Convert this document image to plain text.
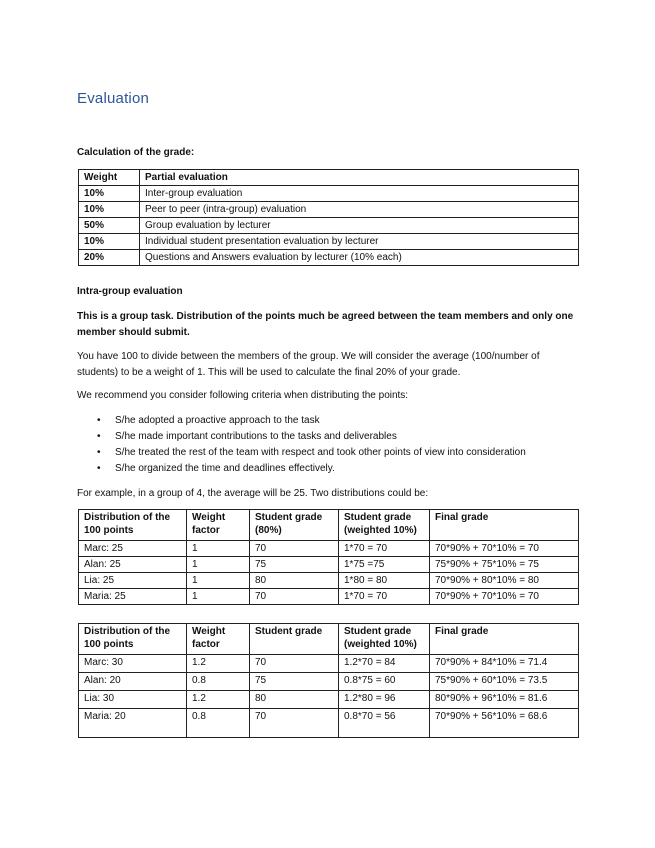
Evaluation
Calculation of the grade:
Weight	Partial evaluation
10%	Inter-group evaluation
10%	Peer to peer (intra-group) evaluation
50%	Group evaluation by lecturer
10%	Individual student presentation evaluation by lecturer
20%	Questions and Answers evaluation by lecturer (10% each)
Intra-group evaluation
This is a group task. Distribution of the points much be agreed between the team members and only one member should submit.
You have 100 to divide between the members of the group. We will consider the average (100/number of students) to be a weight of 1. This will be used to calculate the final 20% of your grade.
We recommend you consider following criteria when distributing the points:
• S/he adopted a proactive approach to the task
• S/he made important contributions to the tasks and deliverables
• S/he treated the rest of the team with respect and took other points of view into consideration
• S/he organized the time and deadlines effectively.
For example, in a group of 4, the average will be 25. Two distributions could be:
Distribution of the 100 points	Weight factor	Student grade (80%)	Student grade (weighted 10%)	Final grade
Marc: 25	1	70	1*70 = 70	70*90% + 70*10% = 70
Alan: 25	1	75	1*75 =75	75*90% + 75*10% = 75
Lia: 25	1	80	1*80 = 80	70*90% + 80*10% = 80
Maria: 25	1	70	1*70 = 70	70*90% + 70*10% = 70
Distribution of the 100 points	Weight factor	Student grade	Student grade (weighted 10%)	Final grade
Marc: 30	1.2	70	1.2*70 = 84	70*90% + 84*10% = 71.4
Alan: 20	0.8	75	0.8*75 = 60	75*90% + 60*10% = 73.5
Lia: 30	1.2	80	1.2*80 = 96	80*90% + 96*10% = 81.6
Maria: 20	0.8	70	0.8*70 = 56	70*90% + 56*10% = 68.6
